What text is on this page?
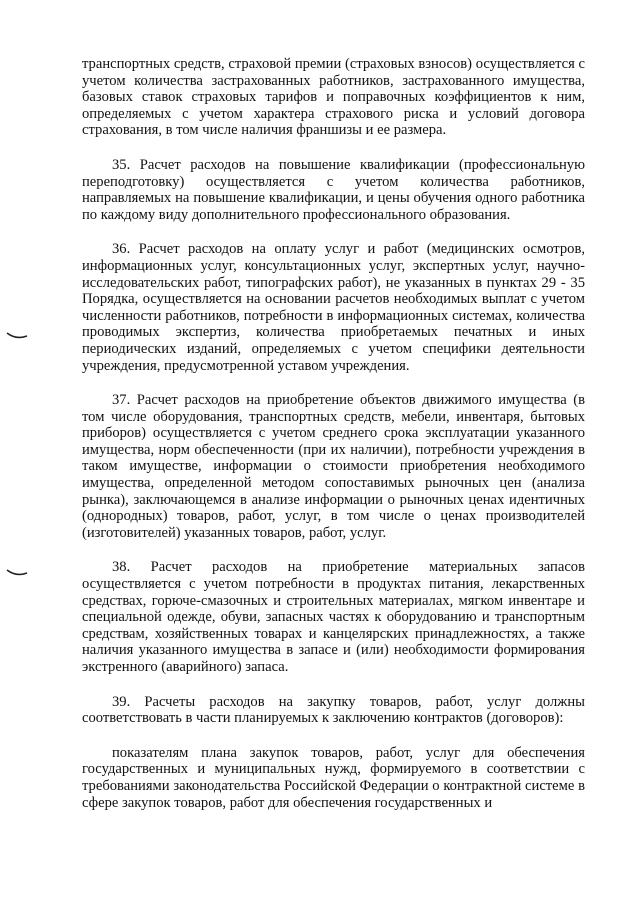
транспортных средств, страховой премии (страховых взносов) осуществляется с учетом количества застрахованных работников, застрахованного имущества, базовых ставок страховых тарифов и поправочных коэффициентов к ним, определяемых с учетом характера страхового риска и условий договора страхования, в том числе наличия франшизы и ее размера.

35. Расчет расходов на повышение квалификации (профессиональную переподготовку) осуществляется с учетом количества работников, направляемых на повышение квалификации, и цены обучения одного работника по каждому виду дополнительного профессионального образования.

36. Расчет расходов на оплату услуг и работ (медицинских осмотров, информационных услуг, консультационных услуг, экспертных услуг, научно-исследовательских работ, типографских работ), не указанных в пунктах 29 - 35 Порядка, осуществляется на основании расчетов необходимых выплат с учетом численности работников, потребности в информационных системах, количества проводимых экспертиз, количества приобретаемых печатных и иных периодических изданий, определяемых с учетом специфики деятельности учреждения, предусмотренной уставом учреждения.

37. Расчет расходов на приобретение объектов движимого имущества (в том числе оборудования, транспортных средств, мебели, инвентаря, бытовых приборов) осуществляется с учетом среднего срока эксплуатации указанного имущества, норм обеспеченности (при их наличии), потребности учреждения в таком имуществе, информации о стоимости приобретения необходимого имущества, определенной методом сопоставимых рыночных цен (анализа рынка), заключающемся в анализе информации о рыночных ценах идентичных (однородных) товаров, работ, услуг, в том числе о ценах производителей (изготовителей) указанных товаров, работ, услуг.

38. Расчет расходов на приобретение материальных запасов осуществляется с учетом потребности в продуктах питания, лекарственных средствах, горюче-смазочных и строительных материалах, мягком инвентаре и специальной одежде, обуви, запасных частях к оборудованию и транспортным средствам, хозяйственных товарах и канцелярских принадлежностях, а также наличия указанного имущества в запасе и (или) необходимости формирования экстренного (аварийного) запаса.

39. Расчеты расходов на закупку товаров, работ, услуг должны соответствовать в части планируемых к заключению контрактов (договоров):

показателям плана закупок товаров, работ, услуг для обеспечения государственных и муниципальных нужд, формируемого в соответствии с требованиями законодательства Российской Федерации о контрактной системе в сфере закупок товаров, работ для обеспечения государственных и
